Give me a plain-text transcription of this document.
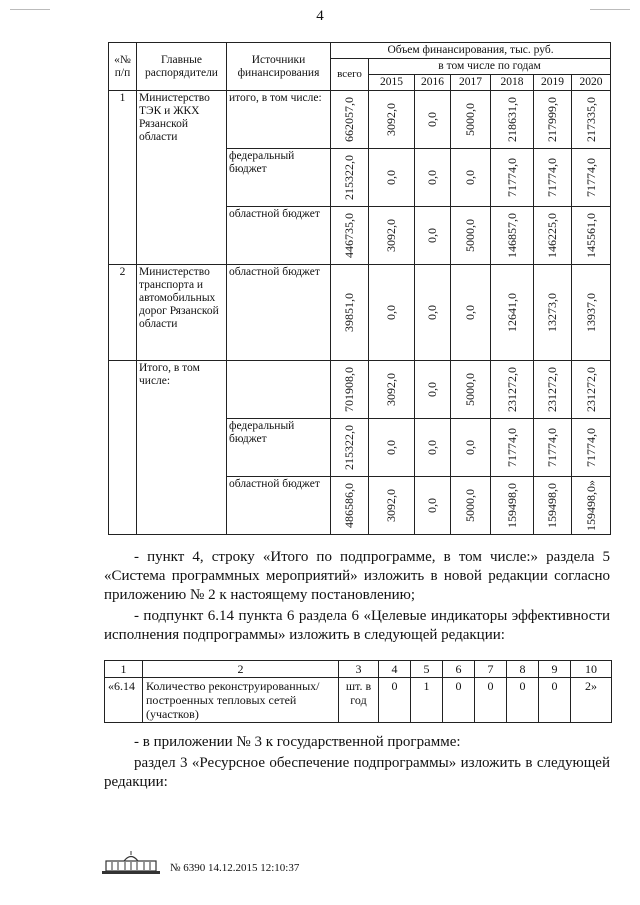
4
«№ п/п	Главные распорядители	Источники финансирования	Объем финансирования, тыс. руб.						
			всего	в том числе по годам					
				2015	2016	2017	2018	2019	2020
1	Министерство ТЭК и ЖКХ Рязанской области	итого, в том числе:	662057,0	3092,0	0,0	5000,0	218631,0	217999,0	217335,0

		федеральный бюджет	215322,0	0,0	0,0	0,0	71774,0	71774,0	71774,0

		областной бюджет	446735,0	3092,0	0,0	5000,0	146857,0	146225,0	145561,0

2	Министерство транспорта и автомобильных дорог Рязанской области	областной бюджет	39851,0	0,0	0,0	0,0	12641,0	13273,0	13937,0

	Итого, в том числе:		701908,0	3092,0	0,0	5000,0	231272,0	231272,0	231272,0

		федеральный бюджет	215322,0	0,0	0,0	0,0	71774,0	71774,0	71774,0

		областной бюджет	486586,0	3092,0	0,0	5000,0	159498,0	159498,0	159498,0»
- пункт 4, строку «Итого по подпрограмме, в том числе:» раздела 5 «Система программных мероприятий» изложить в новой редакции согласно приложению № 2 к настоящему постановлению;
- подпункт 6.14 пункта 6 раздела 6 «Целевые индикаторы эффективности исполнения подпрограммы» изложить в следующей редакции:
1	2	3	4	5	6	7	8	9	10
«6.14	Количество реконструированных/ построенных тепловых сетей (участков)	шт. в год	0	1	0	0	0	0	2»
- в приложении № 3 к государственной программе:
раздел 3 «Ресурсное обеспечение подпрограммы» изложить в следующей редакции:
№ 6390 14.12.2015 12:10:37
